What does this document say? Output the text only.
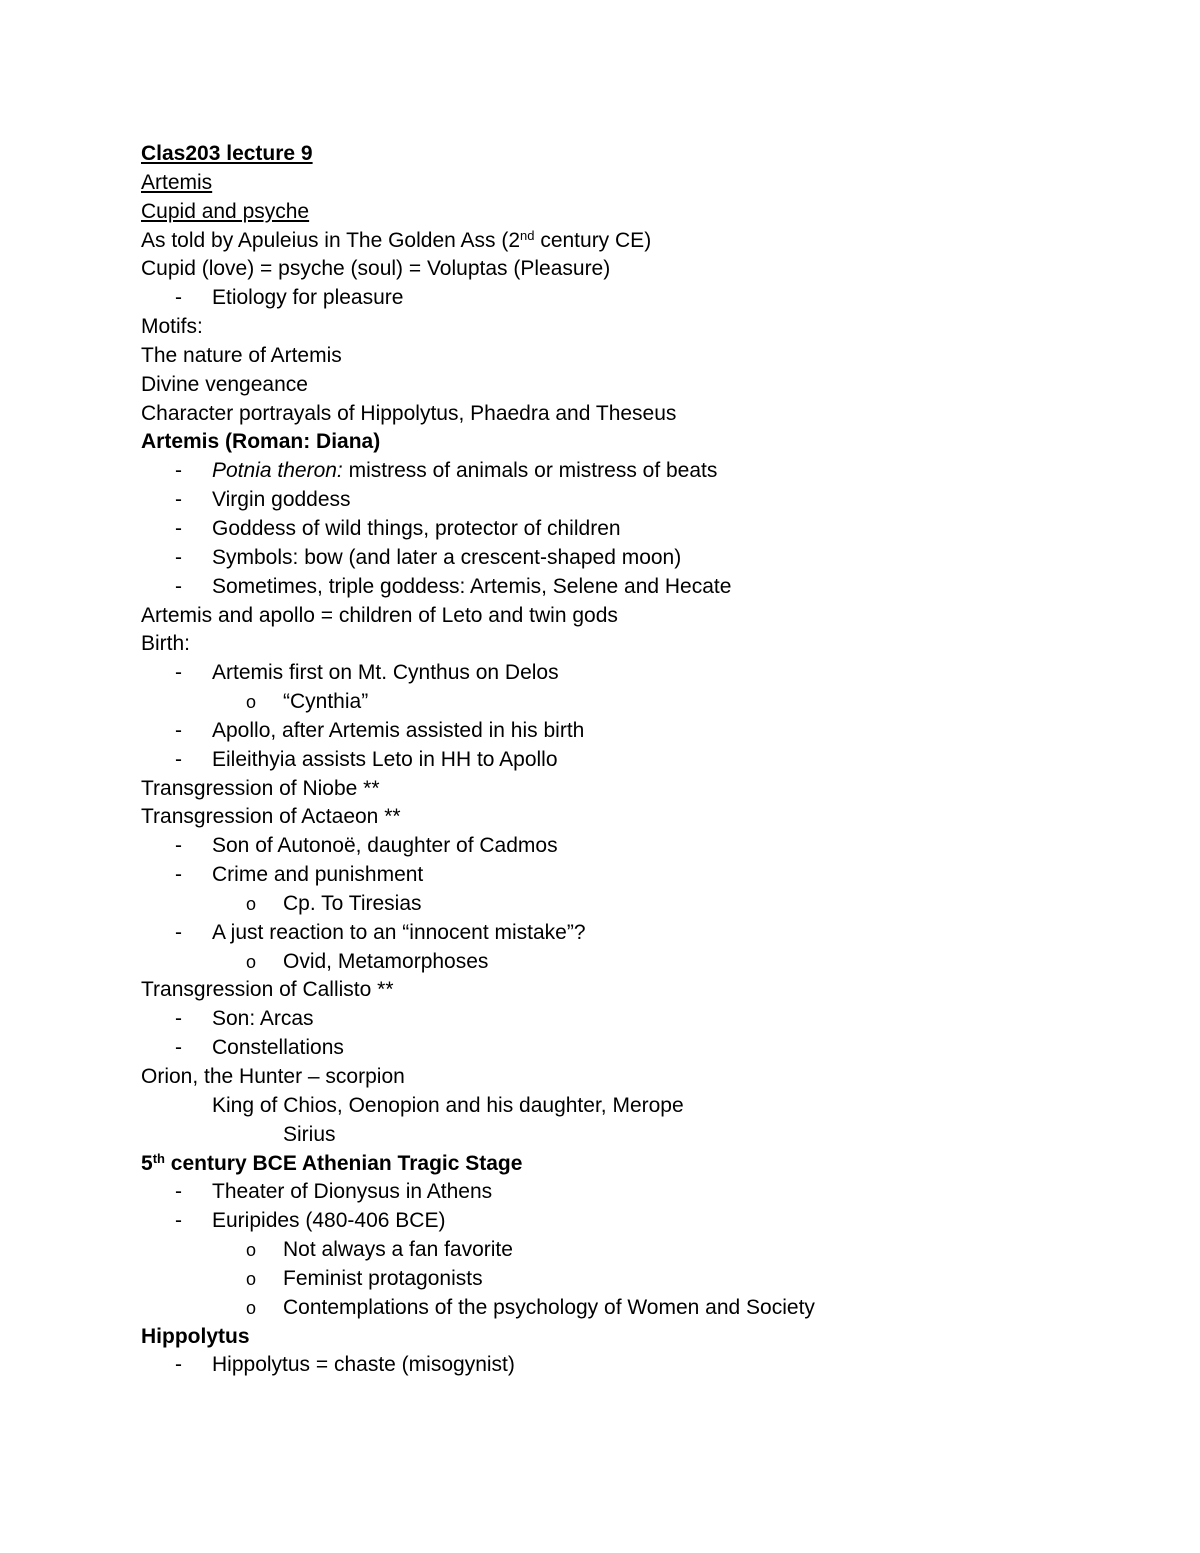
Clas203 lecture 9
Artemis
Cupid and psyche
As told by Apuleius in The Golden Ass (2nd century CE)
Cupid (love) = psyche (soul) = Voluptas (Pleasure)
-	Etiology for pleasure
Motifs:
The nature of Artemis
Divine vengeance
Character portrayals of Hippolytus, Phaedra and Theseus
Artemis (Roman: Diana)
-	Potnia theron: mistress of animals or mistress of beats
-	Virgin goddess
-	Goddess of wild things, protector of children
-	Symbols: bow (and later a crescent-shaped moon)
-	Sometimes, triple goddess: Artemis, Selene and Hecate
Artemis and apollo = children of Leto and twin gods
Birth:
-	Artemis first on Mt. Cynthus on Delos
o	“Cynthia”
-	Apollo, after Artemis assisted in his birth
-	Eileithyia assists Leto in HH to Apollo
Transgression of Niobe **
Transgression of Actaeon **
-	Son of Autonoë, daughter of Cadmos
-	Crime and punishment
o	Cp. To Tiresias
-	A just reaction to an “innocent mistake”?
o	Ovid, Metamorphoses
Transgression of Callisto **
-	Son: Arcas
-	Constellations
Orion, the Hunter – scorpion
King of Chios, Oenopion and his daughter, Merope
Sirius
5th century BCE Athenian Tragic Stage
-	Theater of Dionysus in Athens
-	Euripides (480-406 BCE)
o	Not always a fan favorite
o	Feminist protagonists
o	Contemplations of the psychology of Women and Society
Hippolytus
-	Hippolytus = chaste (misogynist)
